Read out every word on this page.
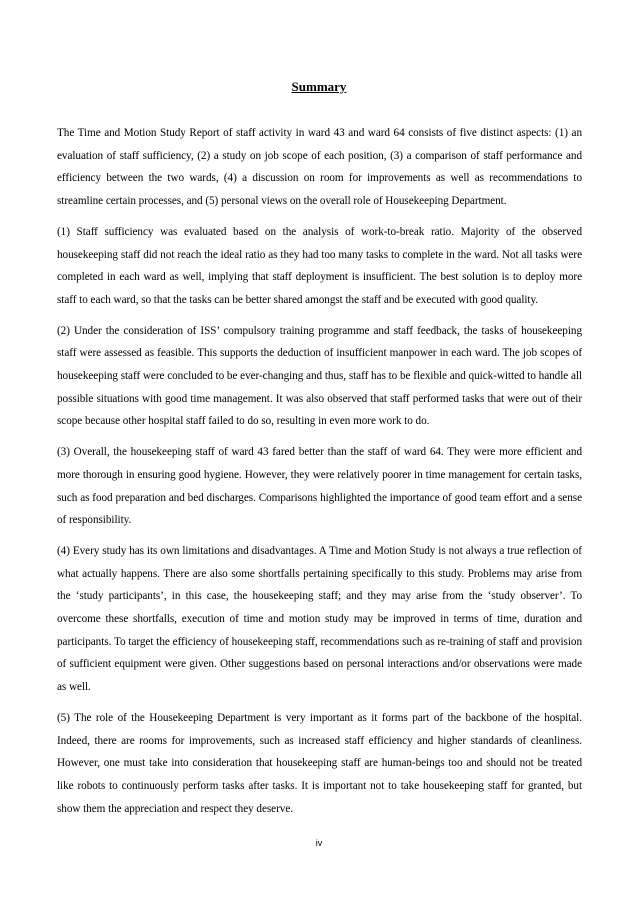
Summary

The Time and Motion Study Report of staff activity in ward 43 and ward 64 consists of five distinct aspects: (1) an evaluation of staff sufficiency, (2) a study on job scope of each position, (3) a comparison of staff performance and efficiency between the two wards, (4) a discussion on room for improvements as well as recommendations to streamline certain processes, and (5) personal views on the overall role of Housekeeping Department.

(1) Staff sufficiency was evaluated based on the analysis of work-to-break ratio. Majority of the observed housekeeping staff did not reach the ideal ratio as they had too many tasks to complete in the ward. Not all tasks were completed in each ward as well, implying that staff deployment is insufficient. The best solution is to deploy more staff to each ward, so that the tasks can be better shared amongst the staff and be executed with good quality.

(2) Under the consideration of ISS’ compulsory training programme and staff feedback, the tasks of housekeeping staff were assessed as feasible. This supports the deduction of insufficient manpower in each ward. The job scopes of housekeeping staff were concluded to be ever-changing and thus, staff has to be flexible and quick-witted to handle all possible situations with good time management. It was also observed that staff performed tasks that were out of their scope because other hospital staff failed to do so, resulting in even more work to do.

(3) Overall, the housekeeping staff of ward 43 fared better than the staff of ward 64. They were more efficient and more thorough in ensuring good hygiene. However, they were relatively poorer in time management for certain tasks, such as food preparation and bed discharges. Comparisons highlighted the importance of good team effort and a sense of responsibility.

(4) Every study has its own limitations and disadvantages. A Time and Motion Study is not always a true reflection of what actually happens. There are also some shortfalls pertaining specifically to this study. Problems may arise from the ‘study participants’, in this case, the housekeeping staff; and they may arise from the ‘study observer’. To overcome these shortfalls, execution of time and motion study may be improved in terms of time, duration and participants. To target the efficiency of housekeeping staff, recommendations such as re-training of staff and provision of sufficient equipment were given. Other suggestions based on personal interactions and/or observations were made as well.

(5) The role of the Housekeeping Department is very important as it forms part of the backbone of the hospital. Indeed, there are rooms for improvements, such as increased staff efficiency and higher standards of cleanliness. However, one must take into consideration that housekeeping staff are human-beings too and should not be treated like robots to continuously perform tasks after tasks. It is important not to take housekeeping staff for granted, but show them the appreciation and respect they deserve.

iv
